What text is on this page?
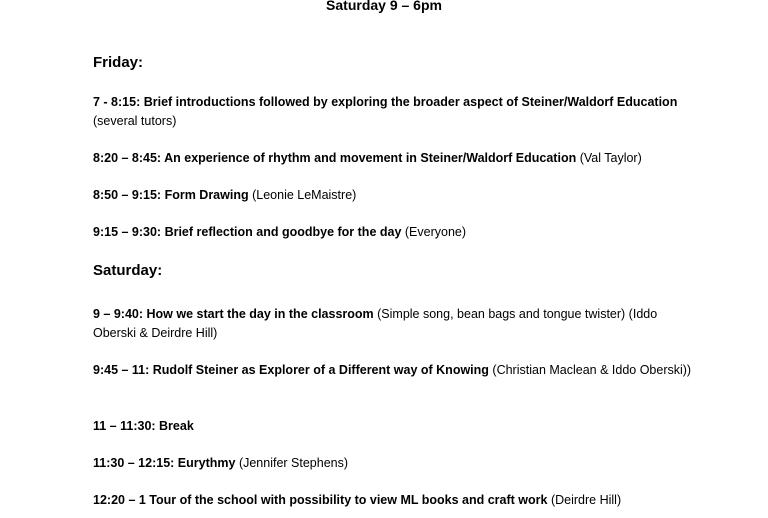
Saturday 9 – 6pm
Friday:
7 - 8:15: Brief introductions followed by exploring the broader aspect of Steiner/Waldorf Education (several tutors)
8:20 – 8:45: An experience of rhythm and movement in Steiner/Waldorf Education (Val Taylor)
8:50 – 9:15: Form Drawing (Leonie LeMaistre)
9:15 – 9:30: Brief reflection and goodbye for the day (Everyone)
Saturday:
9 – 9:40: How we start the day in the classroom (Simple song, bean bags and tongue twister) (Iddo Oberski & Deirdre Hill)
9:45 – 11: Rudolf Steiner as Explorer of a Different way of Knowing (Christian Maclean & Iddo Oberski))
11 – 11:30: Break
11:30 – 12:15: Eurythmy (Jennifer Stephens)
12:20 – 1 Tour of the school with possibility to view ML books and craft work (Deirdre Hill)
